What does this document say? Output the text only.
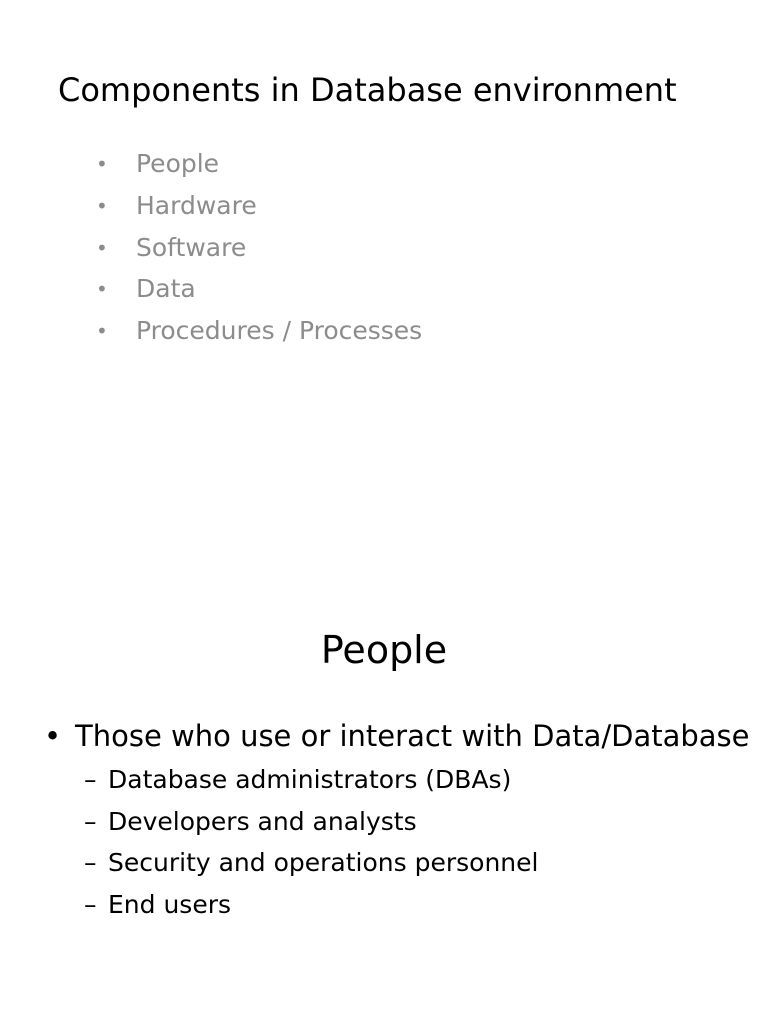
Components in Database environment
• People
• Hardware
• Software
• Data
• Procedures / Processes
People
• Those who use or interact with Data/Database
– Database administrators (DBAs)
– Developers and analysts
– Security and operations personnel
– End users
